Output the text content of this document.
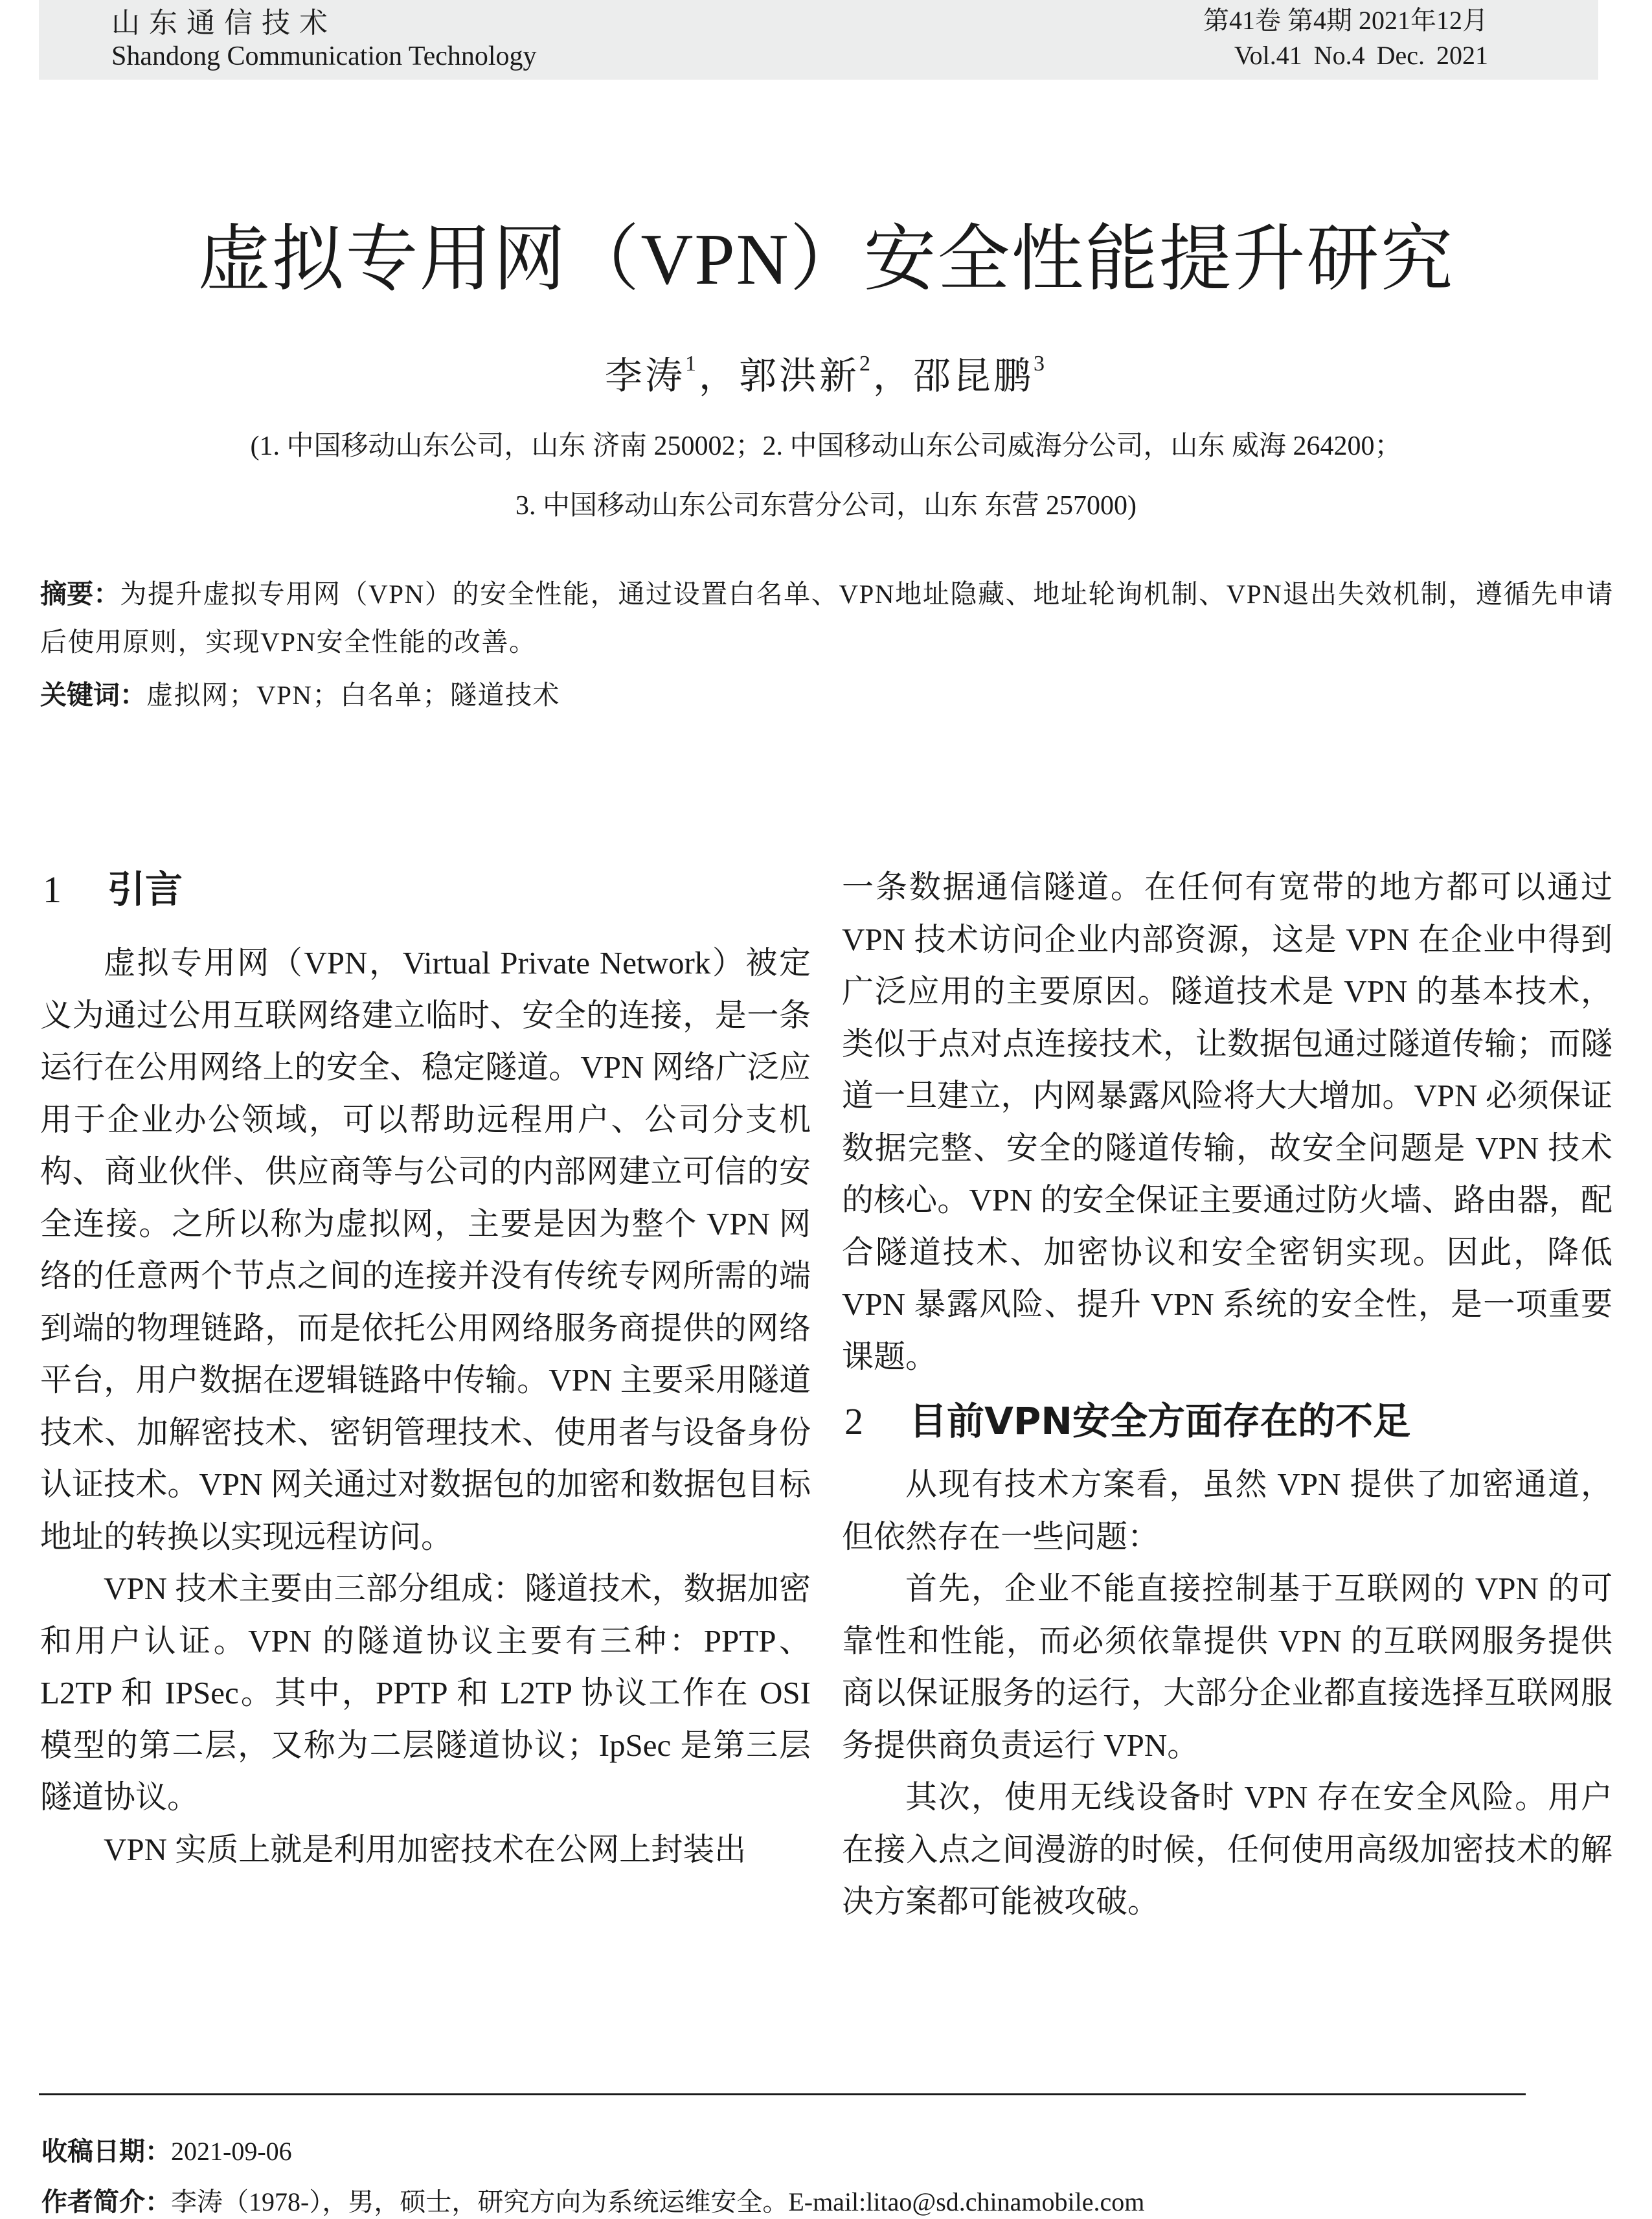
山东通信技术
Shandong Communication Technology
第41卷 第4期 2021年12月
Vol.41 No.4 Dec. 2021
虚拟专用网（VPN）安全性能提升研究
李涛$^1$，郭洪新$^2$，邵昆鹏$^3$
(1. 中国移动山东公司，山东 济南 250002；2. 中国移动山东公司威海分公司，山东 威海 264200；
3. 中国移动山东公司东营分公司，山东 东营 257000)
摘要：为提升虚拟专用网（VPN）的安全性能，通过设置白名单、VPN地址隐藏、地址轮询机制、VPN退出失效机制，遵循先申请后使用原则，实现VPN安全性能的改善。
关键词：虚拟网；VPN；白名单；隧道技术
1 引言

虚拟专用网（VPN，Virtual Private Network）被定义为通过公用互联网络建立临时、安全的连接，是一条运行在公用网络上的安全、稳定隧道。VPN 网络广泛应用于企业办公领域，可以帮助远程用户、公司分支机构、商业伙伴、供应商等与公司的内部网建立可信的安全连接。之所以称为虚拟网，主要是因为整个 VPN 网络的任意两个节点之间的连接并没有传统专网所需的端到端的物理链路，而是依托公用网络服务商提供的网络平台，用户数据在逻辑链路中传输。VPN 主要采用隧道技术、加解密技术、密钥管理技术、使用者与设备身份认证技术。VPN 网关通过对数据包的加密和数据包目标地址的转换以实现远程访问。

VPN 技术主要由三部分组成：隧道技术，数据加密和用户认证。VPN 的隧道协议主要有三种：PPTP、L2TP 和 IPSec。其中，PPTP 和 L2TP 协议工作在 OSI 模型的第二层，又称为二层隧道协议；IpSec 是第三层隧道协议。

VPN 实质上就是利用加密技术在公网上封装出

一条数据通信隧道。在任何有宽带的地方都可以通过 VPN 技术访问企业内部资源，这是 VPN 在企业中得到广泛应用的主要原因。隧道技术是 VPN 的基本技术，类似于点对点连接技术，让数据包通过隧道传输；而隧道一旦建立，内网暴露风险将大大增加。VPN 必须保证数据完整、安全的隧道传输，故安全问题是 VPN 技术的核心。VPN 的安全保证主要通过防火墙、路由器，配合隧道技术、加密协议和安全密钥实现。因此，降低 VPN 暴露风险、提升 VPN 系统的安全性，是一项重要课题。

2 目前VPN安全方面存在的不足

从现有技术方案看，虽然 VPN 提供了加密通道，但依然存在一些问题：

首先，企业不能直接控制基于互联网的 VPN 的可靠性和性能，而必须依靠提供 VPN 的互联网服务提供商以保证服务的运行，大部分企业都直接选择互联网服务提供商负责运行 VPN。

其次，使用无线设备时 VPN 存在安全风险。用户在接入点之间漫游的时候，任何使用高级加密技术的解决方案都可能被攻破。

收稿日期：2021-09-06
作者简介：李涛（1978-），男，硕士，研究方向为系统运维安全。E-mail:litao@sd.chinamobile.com
